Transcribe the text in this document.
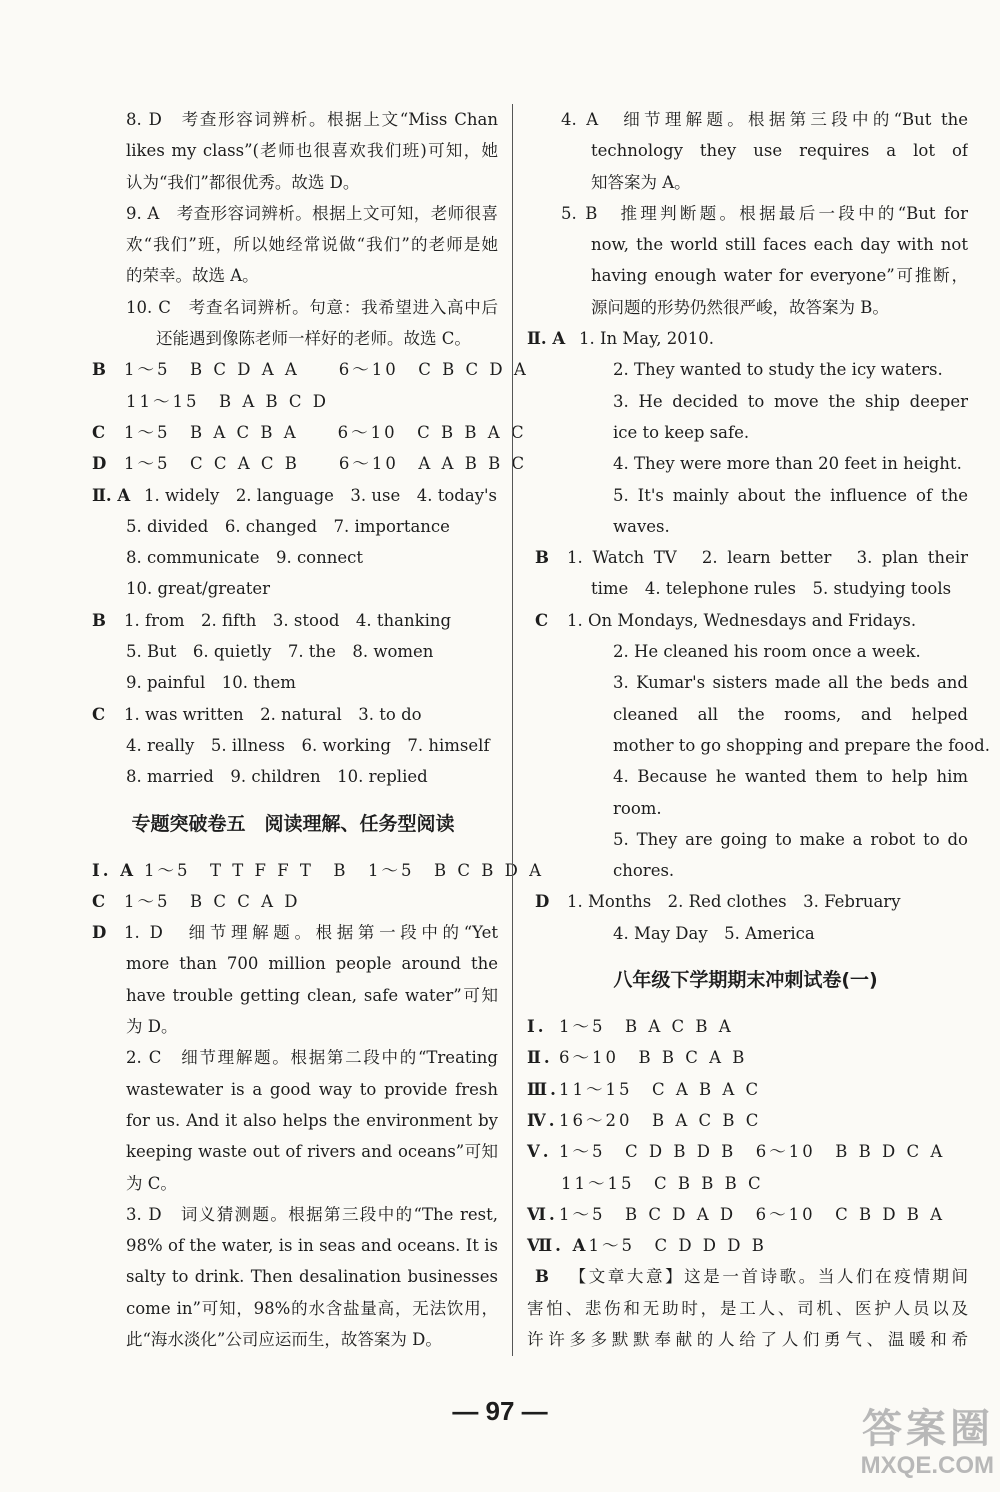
8. D　考查形容词辨析。根据上文“Miss Chan
likes my class”(老师也很喜欢我们班)可知，她
认为“我们”都很优秀。故选 D。
9. A　考查形容词辨析。根据上文可知，老师很喜
欢“我们”班，所以她经常说做“我们”的老师是她
的荣幸。故选 A。
10. C　考查名词辨析。句意：我希望进入高中后
还能遇到像陈老师一样好的老师。故选 C。
B 1～5　B C D A A　　6～10　C B C D A
11～15　B A B C D
C 1～5　B A C B A　　6～10　C B B A C
D 1～5　C C A C B　　6～10　A A B B C
Ⅱ. A 1. widely　2. language　3. use　4. today's
5. divided　6. changed　7. importance
8. communicate　9. connect
10. great/greater
B 1. from　2. fifth　3. stood　4. thanking
5. But　6. quietly　7. the　8. women
9. painful　10. them
C 1. was written　2. natural　3. to do
4. really　5. illness　6. working　7. himself
8. married　9. children　10. replied
专题突破卷五　阅读理解、任务型阅读
Ⅰ. A 1～5　T T F F T　B　1～5　B C B D A
C 1～5　B C C A D
D 1. D　细节理解题。根据第一段中的“Yet
more than 700 million people around the
have trouble getting clean, safe water”可知
为 D。
2. C　细节理解题。根据第二段中的“Treating
wastewater is a good way to provide fresh
for us. And it also helps the environment by
keeping waste out of rivers and oceans”可知
为 C。
3. D　词义猜测题。根据第三段中的“The rest,
98% of the water, is in seas and oceans. It is
salty to drink. Then desalination businesses
come in”可知，98%的水含盐量高，无法饮用，
此“海水淡化”公司应运而生，故答案为 D。
4. A　细节理解题。根据第三段中的“But the
technology they use requires a lot of
知答案为 A。
5. B　推理判断题。根据最后一段中的“But for
now, the world still faces each day with not
having enough water for everyone”可推断，
源问题的形势仍然很严峻，故答案为 B。
Ⅱ. A 1. In May, 2010.
2. They wanted to study the icy waters.
3. He decided to move the ship deeper
ice to keep safe.
4. They were more than 20 feet in height.
5. It's mainly about the influence of the
waves.
B 1. Watch TV　2. learn better　3. plan their
time　4. telephone rules　5. studying tools
C 1. On Mondays, Wednesdays and Fridays.
2. He cleaned his room once a week.
3. Kumar's sisters made all the beds and
cleaned all the rooms, and helped
mother to go shopping and prepare the food.
4. Because he wanted them to help him
room.
5. They are going to make a robot to do
chores.
D 1. Months　2. Red clothes　3. February
4. May Day　5. America
八年级下学期期末冲刺试卷(一)
Ⅰ. 1～5　B A C B A
Ⅱ. 6～10　B B C A B
Ⅲ.11～15　C A B A C
Ⅳ.16～20　B A C B C
Ⅴ. 1～5　C D B D B　6～10　B B D C A
11～15　C B B B C
Ⅵ.1～5　B C D A D　6～10　C B D B A
Ⅶ. A1～5　C D D D B
B 【文章大意】这是一首诗歌。当人们在疫情期间
害怕、悲伤和无助时，是工人、司机、医护人员以及
许许多多默默奉献的人给了人们勇气、温暖和希
— 97 —	答案圈
MXQE.COM
